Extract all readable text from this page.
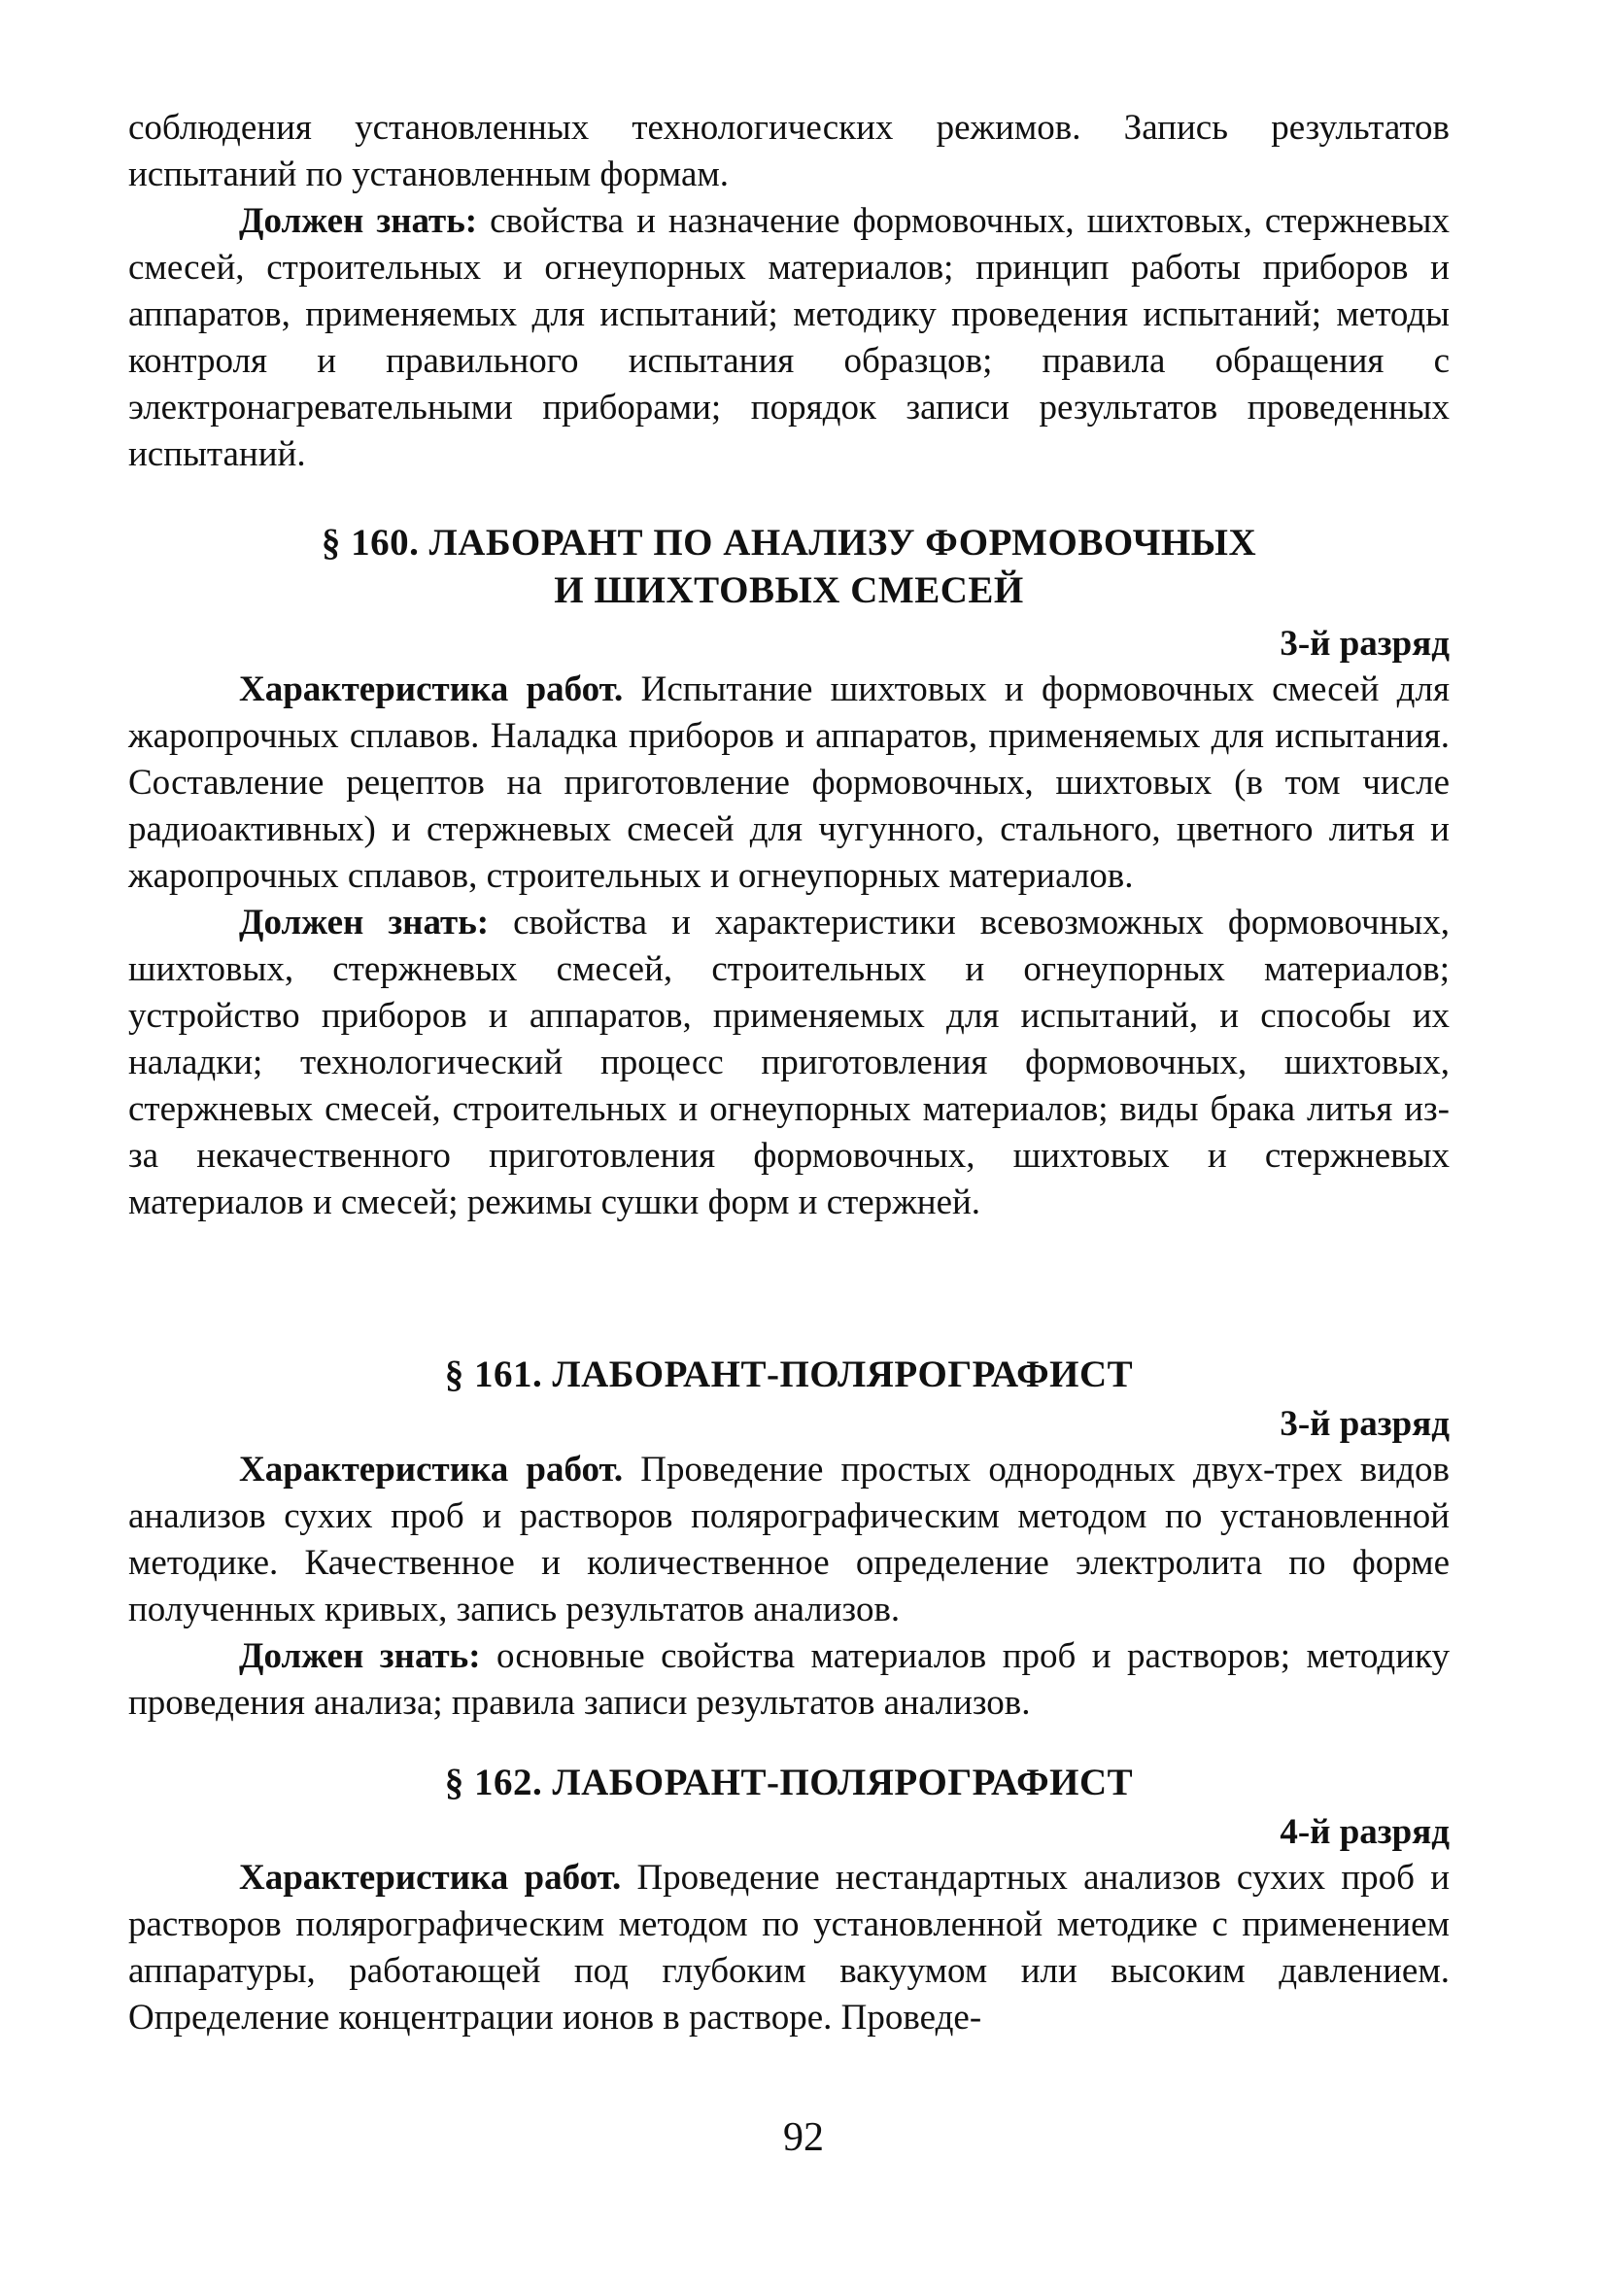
соблюдения установленных технологических режимов. Запись результатов испытаний по установленным формам.

Должен знать: свойства и назначение формовочных, шихтовых, стержневых смесей, строительных и огнеупорных материалов; принцип работы приборов и аппаратов, применяемых для испытаний; методику проведения испытаний; методы контроля и правильного испытания образцов; правила обращения с электронагревательными приборами; порядок записи результатов проведенных испытаний.

§ 160. ЛАБОРАНТ ПО АНАЛИЗУ ФОРМОВОЧНЫХ

И ШИХТОВЫХ СМЕСЕЙ

3-й разряд

Характеристика работ. Испытание шихтовых и формовочных смесей для жаропрочных сплавов. Наладка приборов и аппаратов, применяемых для испытания. Составление рецептов на приготовление формовочных, шихтовых (в том числе радиоактивных) и стержневых смесей для чугунного, стального, цветного литья и жаропрочных сплавов, строительных и огнеупорных материалов.

Должен знать: свойства и характеристики всевозможных формовочных, шихтовых, стержневых смесей, строительных и огнеупорных материалов; устройство приборов и аппаратов, применяемых для испытаний, и способы их наладки; технологический процесс приготовления формовочных, шихтовых, стержневых смесей, строительных и огнеупорных материалов; виды брака литья из-за некачественного приготовления формовочных, шихтовых и стержневых материалов и смесей; режимы сушки форм и стержней.

§ 161. ЛАБОРАНТ-ПОЛЯРОГРАФИСТ

3-й разряд

Характеристика работ. Проведение простых однородных двух-трех видов анализов сухих проб и растворов полярографическим методом по установленной методике. Качественное и количественное определение электролита по форме полученных кривых, запись результатов анализов.

Должен знать: основные свойства материалов проб и растворов; методику проведения анализа; правила записи результатов анализов.

§ 162. ЛАБОРАНТ-ПОЛЯРОГРАФИСТ

4-й разряд

Характеристика работ. Проведение нестандартных анализов сухих проб и растворов полярографическим методом по установленной методике с применением аппаратуры, работающей под глубоким вакуумом или высоким давлением. Определение концентрации ионов в растворе. Проведе-

92
